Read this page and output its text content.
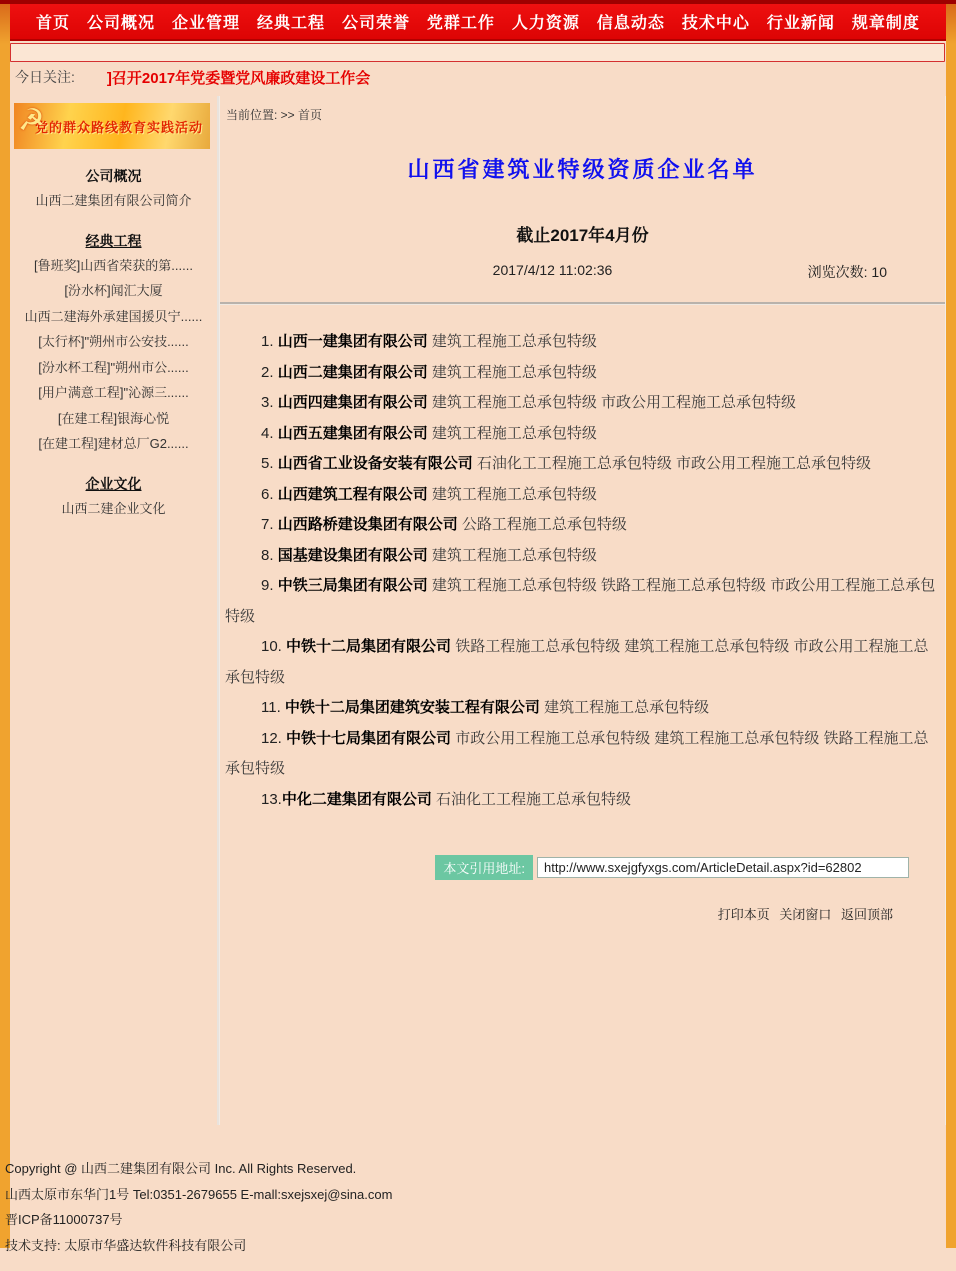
首页 公司概况 企业管理 经典工程 公司荣誉 党群工作 人力资源 信息动态 技术中心 行业新闻 规章制度
今日关注: ]召开2017年党委暨党风廉政建设工作会
☭
党的群众路线教育实践活动
公司概况
山西二建集团有限公司简介
经典工程
[鲁班奖]山西省荣获的第......
[汾水杯]闻汇大厦
山西二建海外承建国援贝宁......
[太行杯]"朔州市公安技......
[汾水杯工程]"朔州市公......
[用户满意工程]"沁源三......
[在建工程]银海心悦
[在建工程]建材总厂G2......
企业文化
山西二建企业文化
当前位置: >> 首页
山西省建筑业特级资质企业名单
截止2017年4月份
2017/4/12 11:02:36	浏览次数: 10

1. 山西一建集团有限公司 建筑工程施工总承包特级

2. 山西二建集团有限公司 建筑工程施工总承包特级

3. 山西四建集团有限公司 建筑工程施工总承包特级 市政公用工程施工总承包特级

4. 山西五建集团有限公司 建筑工程施工总承包特级

5. 山西省工业设备安装有限公司 石油化工工程施工总承包特级 市政公用工程施工总承包特级

6. 山西建筑工程有限公司 建筑工程施工总承包特级

7. 山西路桥建设集团有限公司 公路工程施工总承包特级

8. 国基建设集团有限公司 建筑工程施工总承包特级

9. 中铁三局集团有限公司 建筑工程施工总承包特级 铁路工程施工总承包特级 市政公用工程施工总承包特级

10. 中铁十二局集团有限公司 铁路工程施工总承包特级 建筑工程施工总承包特级 市政公用工程施工总承包特级

11. 中铁十二局集团建筑安装工程有限公司 建筑工程施工总承包特级

12. 中铁十七局集团有限公司 市政公用工程施工总承包特级 建筑工程施工总承包特级 铁路工程施工总承包特级

13.中化二建集团有限公司 石油化工工程施工总承包特级

本文引用地址:
http://www.sxejgfyxgs.com/ArticleDetail.aspx?id=62802
打印本页 关闭窗口 返回顶部
Copyright @ 山西二建集团有限公司 Inc. All Rights Reserved.
山西太原市东华门1号 Tel:0351-2679655 E-mall:sxejsxej@sina.com
晋ICP备11000737号
技术支持: 太原市华盛达软件科技有限公司
